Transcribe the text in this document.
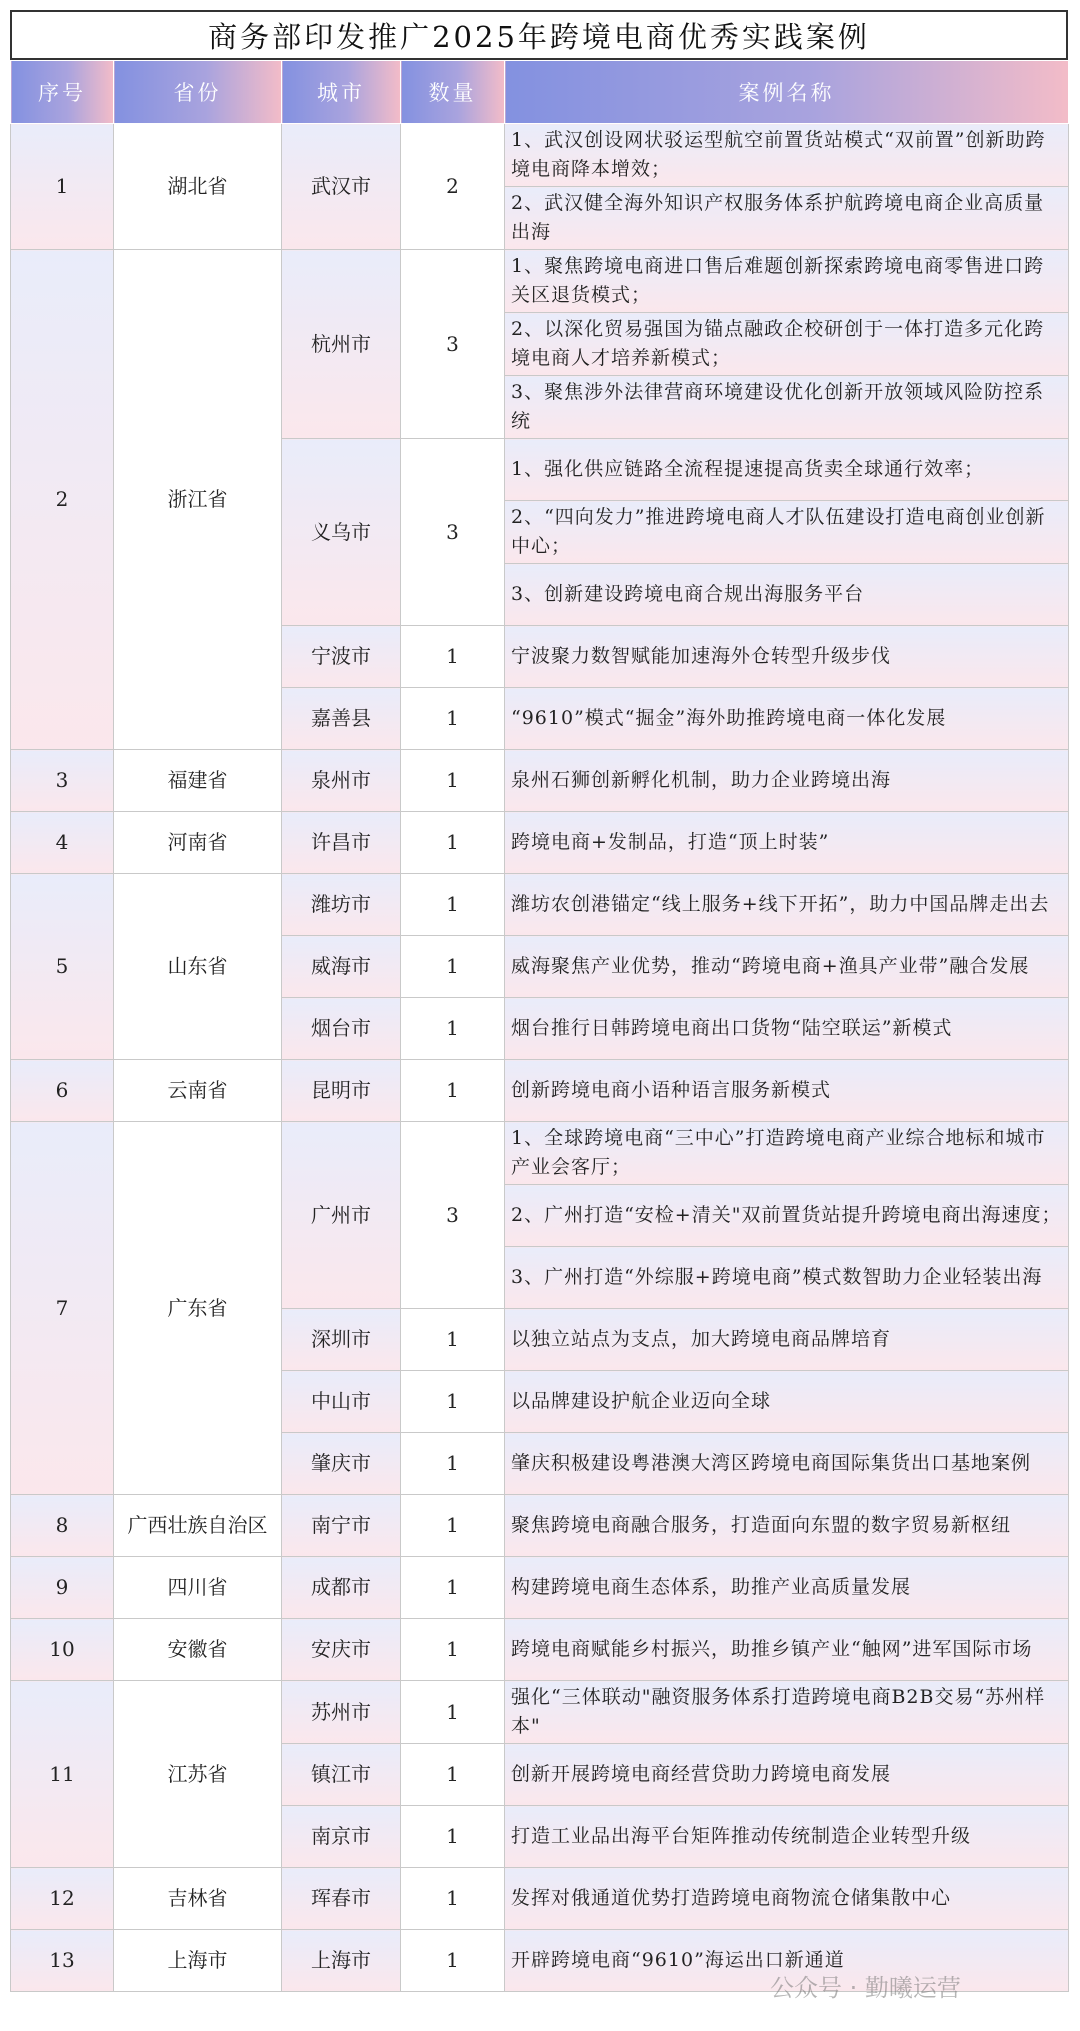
商务部印发推广2025年跨境电商优秀实践案例
序号	省份	城市	数量	案例名称
1	湖北省	武汉市	2	1、武汉创设网状驳运型航空前置货站模式“双前置”创新助跨境电商降本增效；
				2、武汉健全海外知识产权服务体系护航跨境电商企业高质量出海
2	浙江省	杭州市	3	1、聚焦跨境电商进口售后难题创新探索跨境电商零售进口跨关区退货模式；
				2、以深化贸易强国为锚点融政企校研创于一体打造多元化跨境电商人才培养新模式；
				3、聚焦涉外法律营商环境建设优化创新开放领域风险防控系统
		义乌市	3	1、强化供应链路全流程提速提高货卖全球通行效率；
				2、“四向发力”推进跨境电商人才队伍建设打造电商创业创新中心；
				3、创新建设跨境电商合规出海服务平台
		宁波市	1	宁波聚力数智赋能加速海外仓转型升级步伐
		嘉善县	1	“9610”模式“掘金”海外助推跨境电商一体化发展
3	福建省	泉州市	1	泉州石狮创新孵化机制，助力企业跨境出海
4	河南省	许昌市	1	跨境电商+发制品，打造“顶上时装”
5	山东省	潍坊市	1	潍坊农创港锚定“线上服务+线下开拓”，助力中国品牌走出去
		威海市	1	威海聚焦产业优势，推动“跨境电商+渔具产业带”融合发展
		烟台市	1	烟台推行日韩跨境电商出口货物“陆空联运”新模式
6	云南省	昆明市	1	创新跨境电商小语种语言服务新模式
7	广东省	广州市	3	1、全球跨境电商“三中心”打造跨境电商产业综合地标和城市产业会客厅；
				2、广州打造“安检+清关"双前置货站提升跨境电商出海速度；
				3、广州打造“外综服+跨境电商”模式数智助力企业轻装出海
		深圳市	1	以独立站点为支点，加大跨境电商品牌培育
		中山市	1	以品牌建设护航企业迈向全球
		肇庆市	1	肇庆积极建设粤港澳大湾区跨境电商国际集货出口基地案例
8	广西壮族自治区	南宁市	1	聚焦跨境电商融合服务，打造面向东盟的数字贸易新枢纽
9	四川省	成都市	1	构建跨境电商生态体系，助推产业高质量发展
10	安徽省	安庆市	1	跨境电商赋能乡村振兴，助推乡镇产业“触网”进军国际市场
11	江苏省	苏州市	1	强化“三体联动"融资服务体系打造跨境电商B2B交易“苏州样本"
		镇江市	1	创新开展跨境电商经营贷助力跨境电商发展
		南京市	1	打造工业品出海平台矩阵推动传统制造企业转型升级
12	吉林省	珲春市	1	发挥对俄通道优势打造跨境电商物流仓储集散中心
13	上海市	上海市	1	开辟跨境电商“9610”海运出口新通道
公众号 · 勤曦运营
